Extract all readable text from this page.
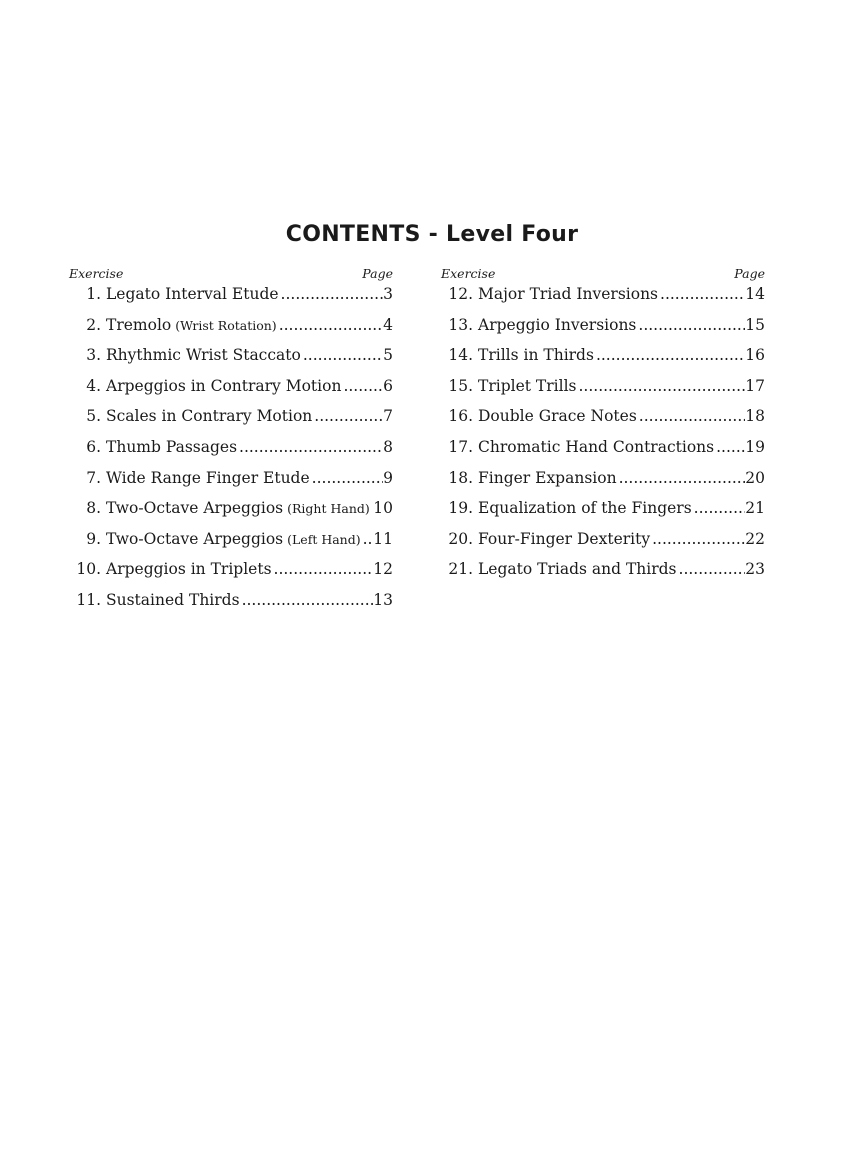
CONTENTS - Level Four
Exercise	Page
1. Legato Interval Etude .....	3
2. Tremolo (Wrist Rotation) .....	4
3. Rhythmic Wrist Staccato .....	5
4. Arpeggios in Contrary Motion .....	6
5. Scales in Contrary Motion .....	7
6. Thumb Passages .....	8
7. Wide Range Finger Etude .....	9
8. Two-Octave Arpeggios (Right Hand) ..... 10
9. Two-Octave Arpeggios (Left Hand) ..... 11
10. Arpeggios in Triplets .....	12
11. Sustained Thirds .....	13
Exercise	Page
12. Major Triad Inversions .....	14
13. Arpeggio Inversions .....	15
14. Trills in Thirds .....	16
15. Triplet Trills .....	17
16. Double Grace Notes .....	18
17. Chromatic Hand Contractions ..... 19
18. Finger Expansion .....	20
19. Equalization of the Fingers .....	21
20. Four-Finger Dexterity .....	22
21. Legato Triads and Thirds .....	23
